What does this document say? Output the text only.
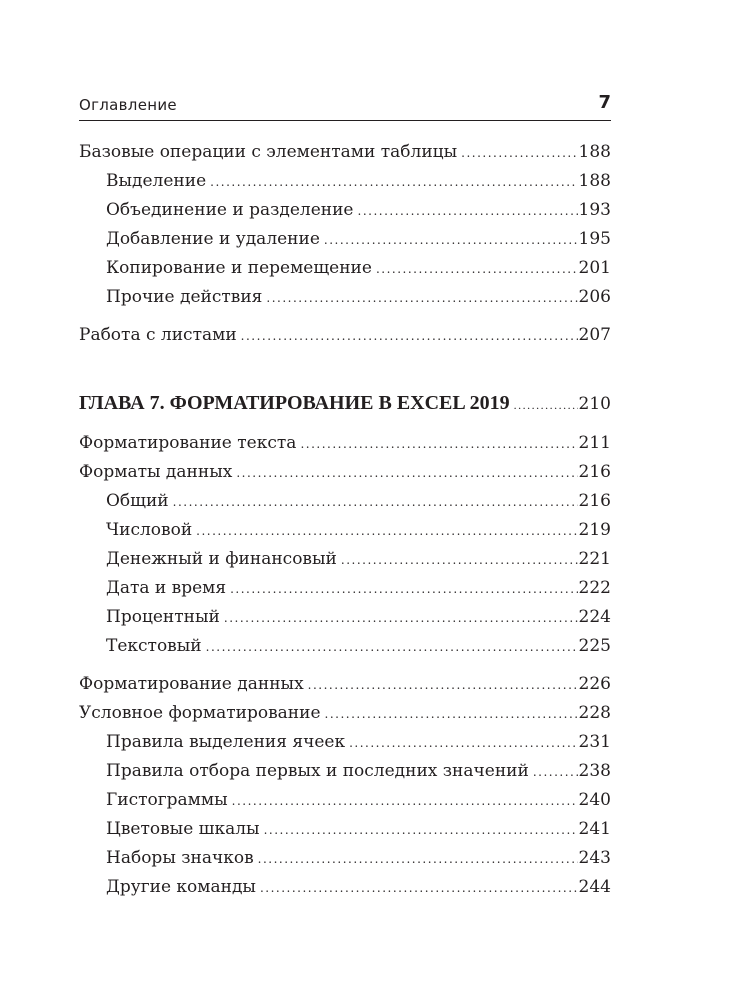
Оглавление	7
Базовые операции с элементами таблицы .....	188
Выделение .....	188
Объединение и разделение .....	193
Добавление и удаление .....	195
Копирование и перемещение .....	201
Прочие действия .....	206
Работа с листами .....	207
ГЛАВА 7. ФОРМАТИРОВАНИЕ В EXCEL 2019 .....	210
Форматирование текста .....	211
Форматы данных .....	216
Общий .....	216
Числовой .....	219
Денежный и финансовый .....	221
Дата и время .....	222
Процентный .....	224
Текстовый .....	225
Форматирование данных .....	226
Условное форматирование .....	228
Правила выделения ячеек .....	231
Правила отбора первых и последних значений .....	238
Гистограммы .....	240
Цветовые шкалы .....	241
Наборы значков .....	243
Другие команды .....	244
